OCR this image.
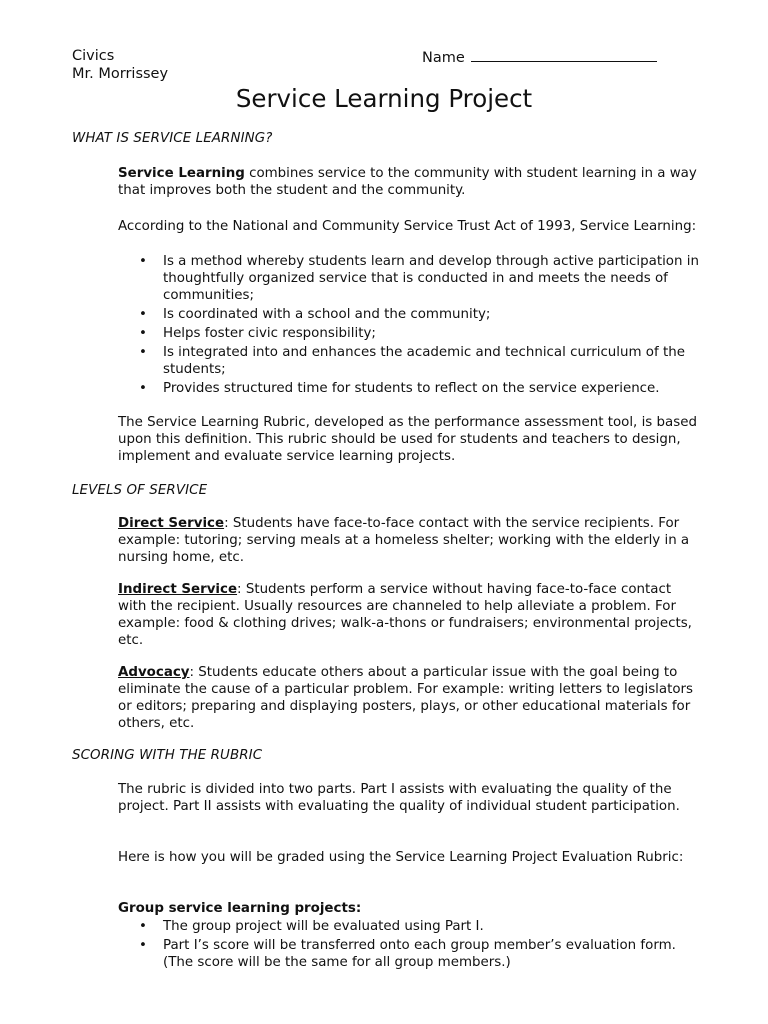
Civics
Mr. Morrissey
Name
Service Learning Project
WHAT IS SERVICE LEARNING?

Service Learning combines service to the community with student learning in a way that improves both the student and the community.

According to the National and Community Service Trust Act of 1993, Service Learning:

• Is a method whereby students learn and develop through active participation in thoughtfully organized service that is conducted in and meets the needs of communities;
• Is coordinated with a school and the community;
• Helps foster civic responsibility;
• Is integrated into and enhances the academic and technical curriculum of the students;
• Provides structured time for students to reflect on the service experience.

The Service Learning Rubric, developed as the performance assessment tool, is based upon this definition. This rubric should be used for students and teachers to design, implement and evaluate service learning projects.

LEVELS OF SERVICE

Direct Service: Students have face-to-face contact with the service recipients. For example: tutoring; serving meals at a homeless shelter; working with the elderly in a nursing home, etc.

Indirect Service: Students perform a service without having face-to-face contact with the recipient. Usually resources are channeled to help alleviate a problem. For example: food & clothing drives; walk-a-thons or fundraisers; environmental projects, etc.

Advocacy: Students educate others about a particular issue with the goal being to eliminate the cause of a particular problem. For example: writing letters to legislators or editors; preparing and displaying posters, plays, or other educational materials for others, etc.

SCORING WITH THE RUBRIC

The rubric is divided into two parts. Part I assists with evaluating the quality of the project. Part II assists with evaluating the quality of individual student participation.

Here is how you will be graded using the Service Learning Project Evaluation Rubric:

Group service learning projects:

• The group project will be evaluated using Part I.
• Part I’s score will be transferred onto each group member’s evaluation form. (The score will be the same for all group members.)
